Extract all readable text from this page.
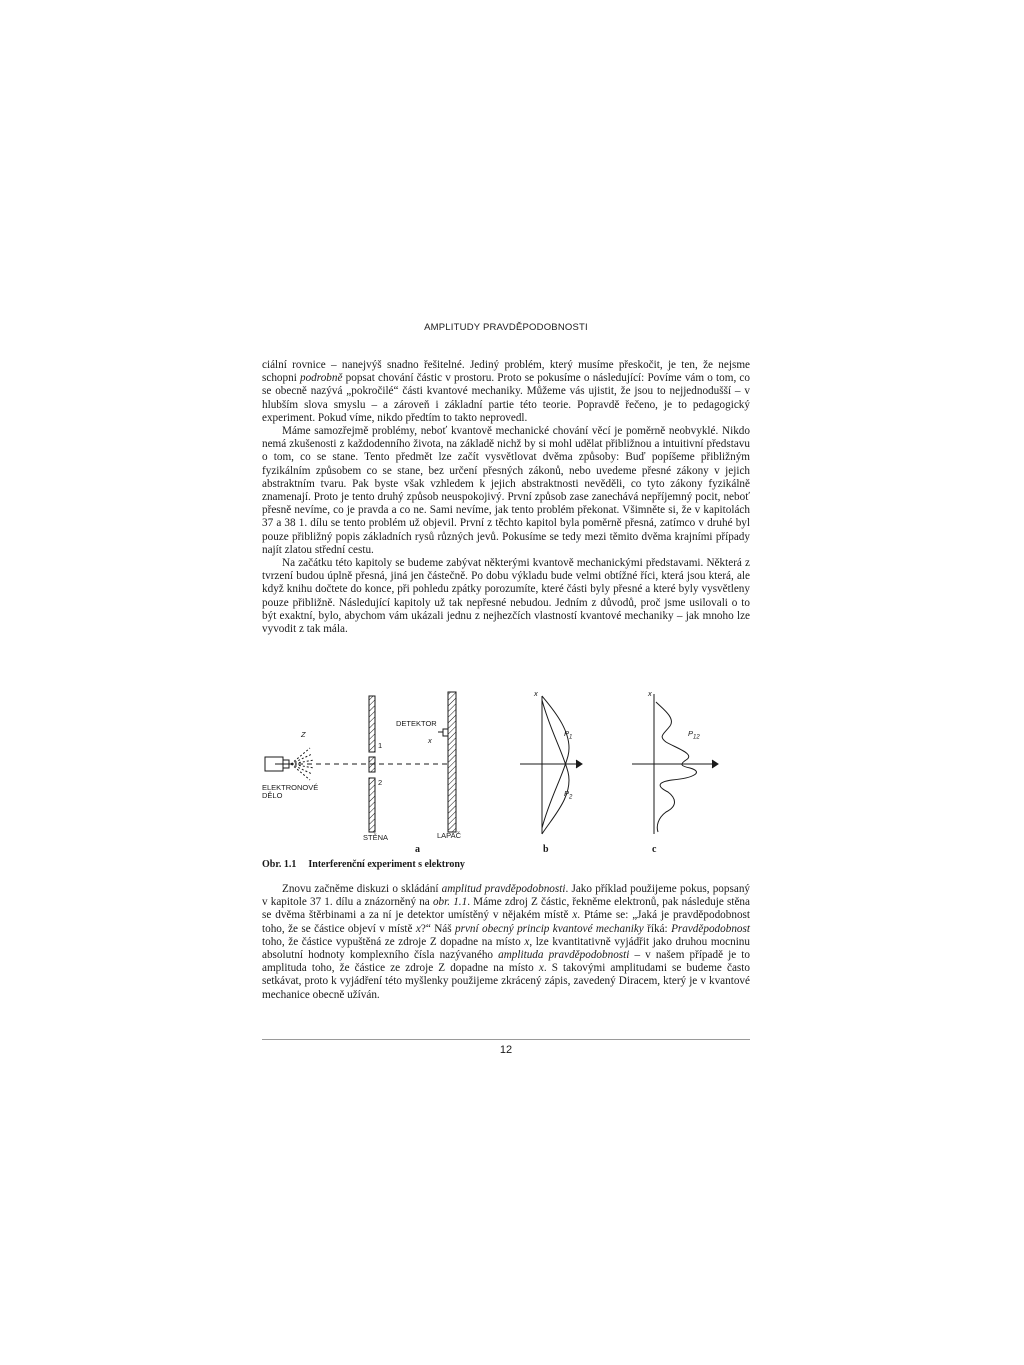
AMPLITUDY PRAVDĚPODOBNOSTI

ciální rovnice – nanejvýš snadno řešitelné. Jediný problém, který musíme přeskočit, je ten, že nejsme schopni podrobně popsat chování částic v prostoru. Proto se pokusíme o následující: Povíme vám o tom, co se obecně nazývá „pokročilé“ části kvantové mechaniky. Můžeme vás ujistit, že jsou to nejjednodušší – v hlubším slova smyslu – a zároveň i základní partie této teorie. Popravdě řečeno, je to pedagogický experiment. Pokud víme, nikdo předtím to takto neprovedl.

Máme samozřejmě problémy, neboť kvantově mechanické chování věcí je poměrně neobvyklé. Nikdo nemá zkušenosti z každodenního života, na základě nichž by si mohl udělat přibližnou a intuitivní představu o tom, co se stane. Tento předmět lze začít vysvětlovat dvěma způsoby: Buď popíšeme přibližným fyzikálním způsobem co se stane, bez určení přesných zákonů, nebo uvedeme přesné zákony v jejich abstraktním tvaru. Pak byste však vzhledem k jejich abstraktnosti nevěděli, co tyto zákony fyzikálně znamenají. Proto je tento druhý způsob neuspokojivý. První způsob zase zanechává nepříjemný pocit, neboť přesně nevíme, co je pravda a co ne. Sami nevíme, jak tento problém překonat. Všimněte si, že v kapitolách 37 a 38 1. dílu se tento problém už objevil. První z těchto kapitol byla poměrně přesná, zatímco v druhé byl pouze přibližný popis základních rysů různých jevů. Pokusíme se tedy mezi těmito dvěma krajními případy najít zlatou střední cestu.

Na začátku této kapitoly se budeme zabývat některými kvantově mechanickými představami. Některá z tvrzení budou úplně přesná, jiná jen částečně. Po dobu výkladu bude velmi obtížné říci, která jsou která, ale když knihu dočtete do konce, při pohledu zpátky porozumíte, které části byly přesné a které byly vysvětleny pouze přibližně. Následující kapitoly už tak nepřesné nebudou. Jedním z důvodů, proč jsme usilovali o to být exaktní, bylo, abychom vám ukázali jednu z nejhezčích vlastností kvantové mechaniky – jak mnoho lze vyvodit z tak mála.

Z
ELEKTRONOVÉ
DĚLO
1
2
STĚNA
DETEKTOR
x
LAPAČ
x
$P_1$
$P_2$
x
$P_{12}$
a	b	c
Obr. 1.1 Interferenční experiment s elektrony

Znovu začněme diskuzi o skládání amplitud pravděpodobnosti. Jako příklad použijeme pokus, popsaný v kapitole 37 1. dílu a znázorněný na obr. 1.1. Máme zdroj Z částic, řekněme elektronů, pak následuje stěna se dvěma štěrbinami a za ní je detektor umístěný v nějakém místě x. Ptáme se: „Jaká je pravděpodobnost toho, že se částice objeví v místě x?“ Náš první obecný princip kvantové mechaniky říká: Pravděpodobnost toho, že částice vypuštěná ze zdroje Z dopadne na místo x, lze kvantitativně vyjádřit jako druhou mocninu absolutní hodnoty komplexního čísla nazývaného amplituda pravděpodobnosti – v našem případě je to amplituda toho, že částice ze zdroje Z dopadne na místo x. S takovými amplitudami se budeme často setkávat, proto k vyjádření této myšlenky použijeme zkrácený zápis, zavedený Diracem, který je v kvantové mechanice obecně užíván.

12
